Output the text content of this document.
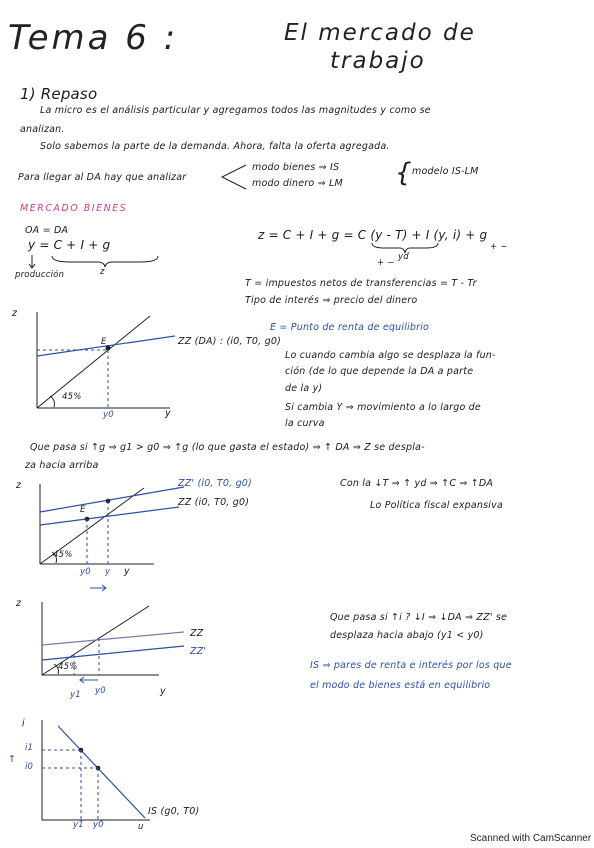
Tema 6 :	El mercado de
trabajo
1) Repaso
La micro es el análisis particular y agregamos todos las magnitudes y como se
analizan.
Solo sabemos la parte de la demanda. Ahora, falta la oferta agregada.
Para llegar al DA hay que analizar
modo bienes ⇒ IS
modo dinero ⇒ LM { modelo IS-LM
MERCADO BIENES
OA = DA
y = C + I + g
producción	z
z = C + I + g = C (y - T) + I (y, i) + g
yd
+ −
+ −
T = impuestos netos de transferencias = T - Tr
Tipo de interés ⇒ precio del dinero
z
y
E
45%
y0
ZZ (DA) : (i0, T0, g0)
E = Punto de renta de equilibrio
Lo cuando cambia algo se desplaza la fun-
ción (de lo que depende la DA a parte
de la y)
Si cambia Y ⇒ movimiento a lo largo de
la curva
Que pasa si ↑g ⇒ g1 > g0 ⇒ ↑g (lo que gasta el estado) ⇒ ↑ DA ⇒ Z se despla-
za hacia arriba
z
E
45%
y0 y y
ZZ' (i0, T0, g0)
ZZ (i0, T0, g0)
Con la ↓T ⇒ ↑ yd ⇒ ↑C ⇒ ↑DA
Lo Política fiscal expansiva
z
45%
y1 y0	y
ZZ
ZZ'
Que pasa si ↑i ? ↓I ⇒ ↓DA ⇒ ZZ' se
desplaza hacia abajo (y1 < y0)
IS ⇒ pares de renta e interés por los que
el modo de bienes está en equilibrio
i
i1
i0
↑
IS (g0, T0)
y1 y0	u
Scanned with CamScanner
